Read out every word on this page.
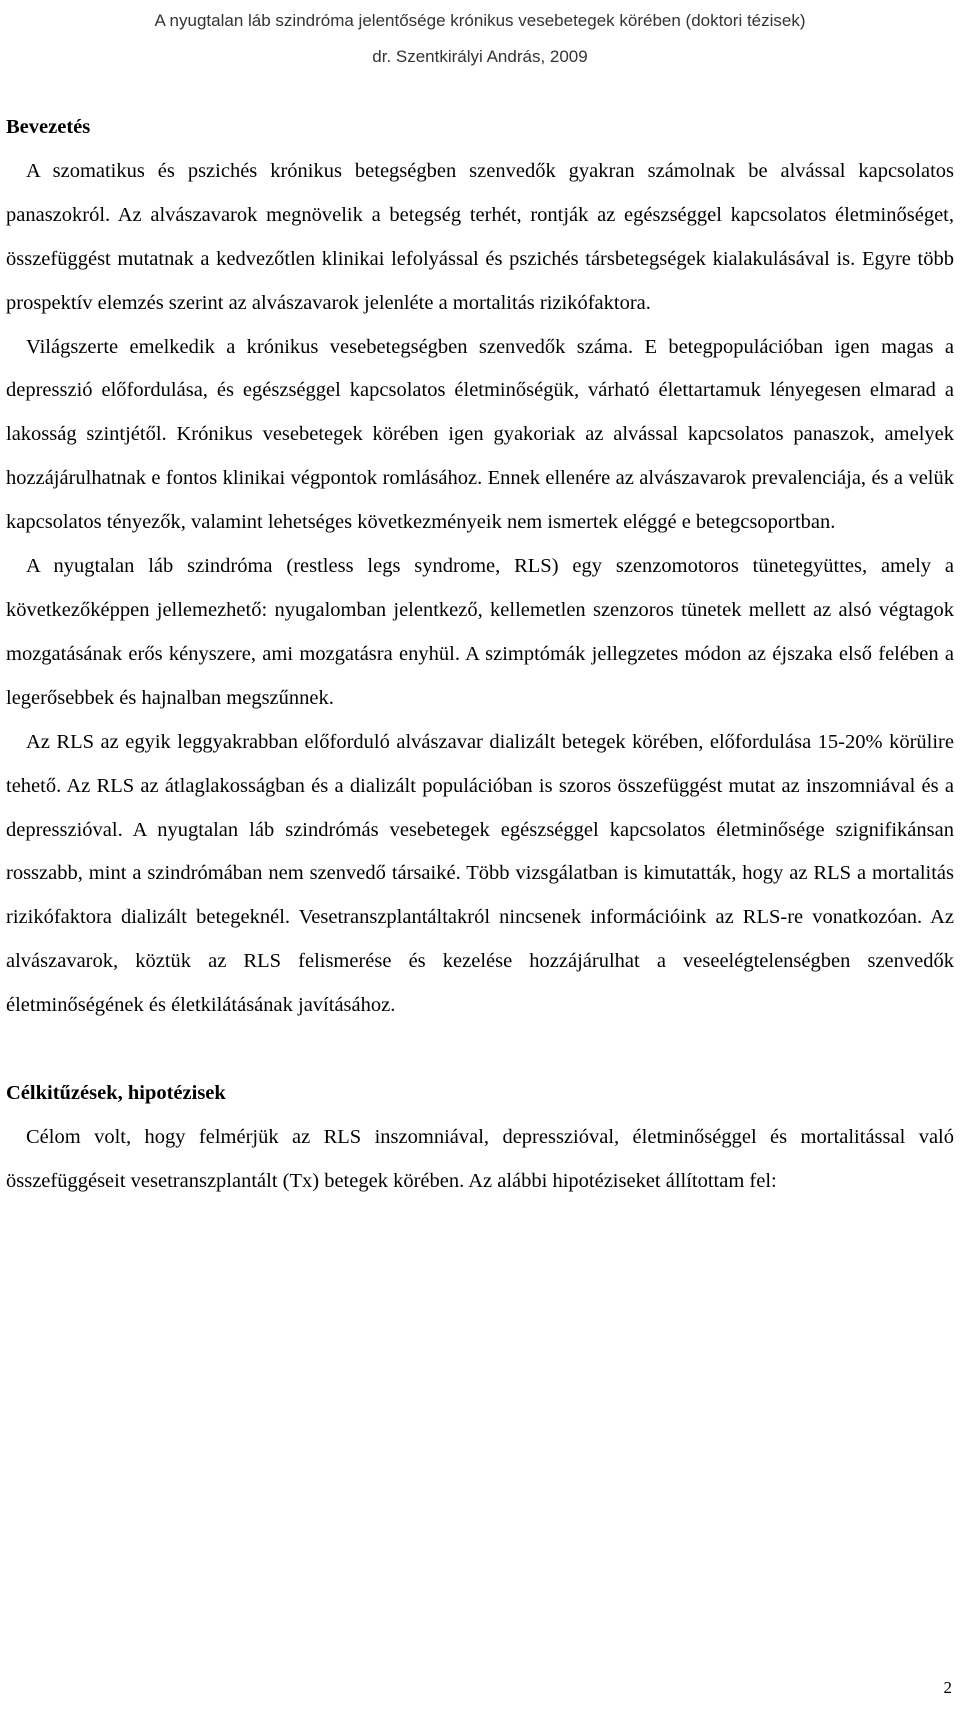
A nyugtalan láb szindróma jelentősége krónikus vesebetegek körében (doktori tézisek)
dr. Szentkirályi András, 2009
Bevezetés

A szomatikus és pszichés krónikus betegségben szenvedők gyakran számolnak be alvással kapcsolatos panaszokról. Az alvászavarok megnövelik a betegség terhét, rontják az egészséggel kapcsolatos életminőséget, összefüggést mutatnak a kedvezőtlen klinikai lefolyással és pszichés társbetegségek kialakulásával is. Egyre több prospektív elemzés szerint az alvászavarok jelenléte a mortalitás rizikófaktora.

Világszerte emelkedik a krónikus vesebetegségben szenvedők száma. E betegpopulációban igen magas a depresszió előfordulása, és egészséggel kapcsolatos életminőségük, várható élettartamuk lényegesen elmarad a lakosság szintjétől. Krónikus vesebetegek körében igen gyakoriak az alvással kapcsolatos panaszok, amelyek hozzájárulhatnak e fontos klinikai végpontok romlásához. Ennek ellenére az alvászavarok prevalenciája, és a velük kapcsolatos tényezők, valamint lehetséges következményeik nem ismertek eléggé e betegcsoportban.

A nyugtalan láb szindróma (restless legs syndrome, RLS) egy szenzomotoros tünetegyüttes, amely a következőképpen jellemezhető: nyugalomban jelentkező, kellemetlen szenzoros tünetek mellett az alsó végtagok mozgatásának erős kényszere, ami mozgatásra enyhül. A szimptómák jellegzetes módon az éjszaka első felében a legerősebbek és hajnalban megszűnnek.

Az RLS az egyik leggyakrabban előforduló alvászavar dializált betegek körében, előfordulása 15-20% körülire tehető. Az RLS az átlaglakosságban és a dializált populációban is szoros összefüggést mutat az inszomniával és a depresszióval. A nyugtalan láb szindrómás vesebetegek egészséggel kapcsolatos életminősége szignifikánsan rosszabb, mint a szindrómában nem szenvedő társaiké. Több vizsgálatban is kimutatták, hogy az RLS a mortalitás rizikófaktora dializált betegeknél. Vesetranszplantáltakról nincsenek információink az RLS-re vonatkozóan. Az alvászavarok, köztük az RLS felismerése és kezelése hozzájárulhat a veseelégtelenségben szenvedők életminőségének és életkilátásának javításához.

Célkitűzések, hipotézisek

Célom volt, hogy felmérjük az RLS inszomniával, depresszióval, életminőséggel és mortalitással való összefüggéseit vesetranszplantált (Tx) betegek körében. Az alábbi hipotéziseket állítottam fel:

2
